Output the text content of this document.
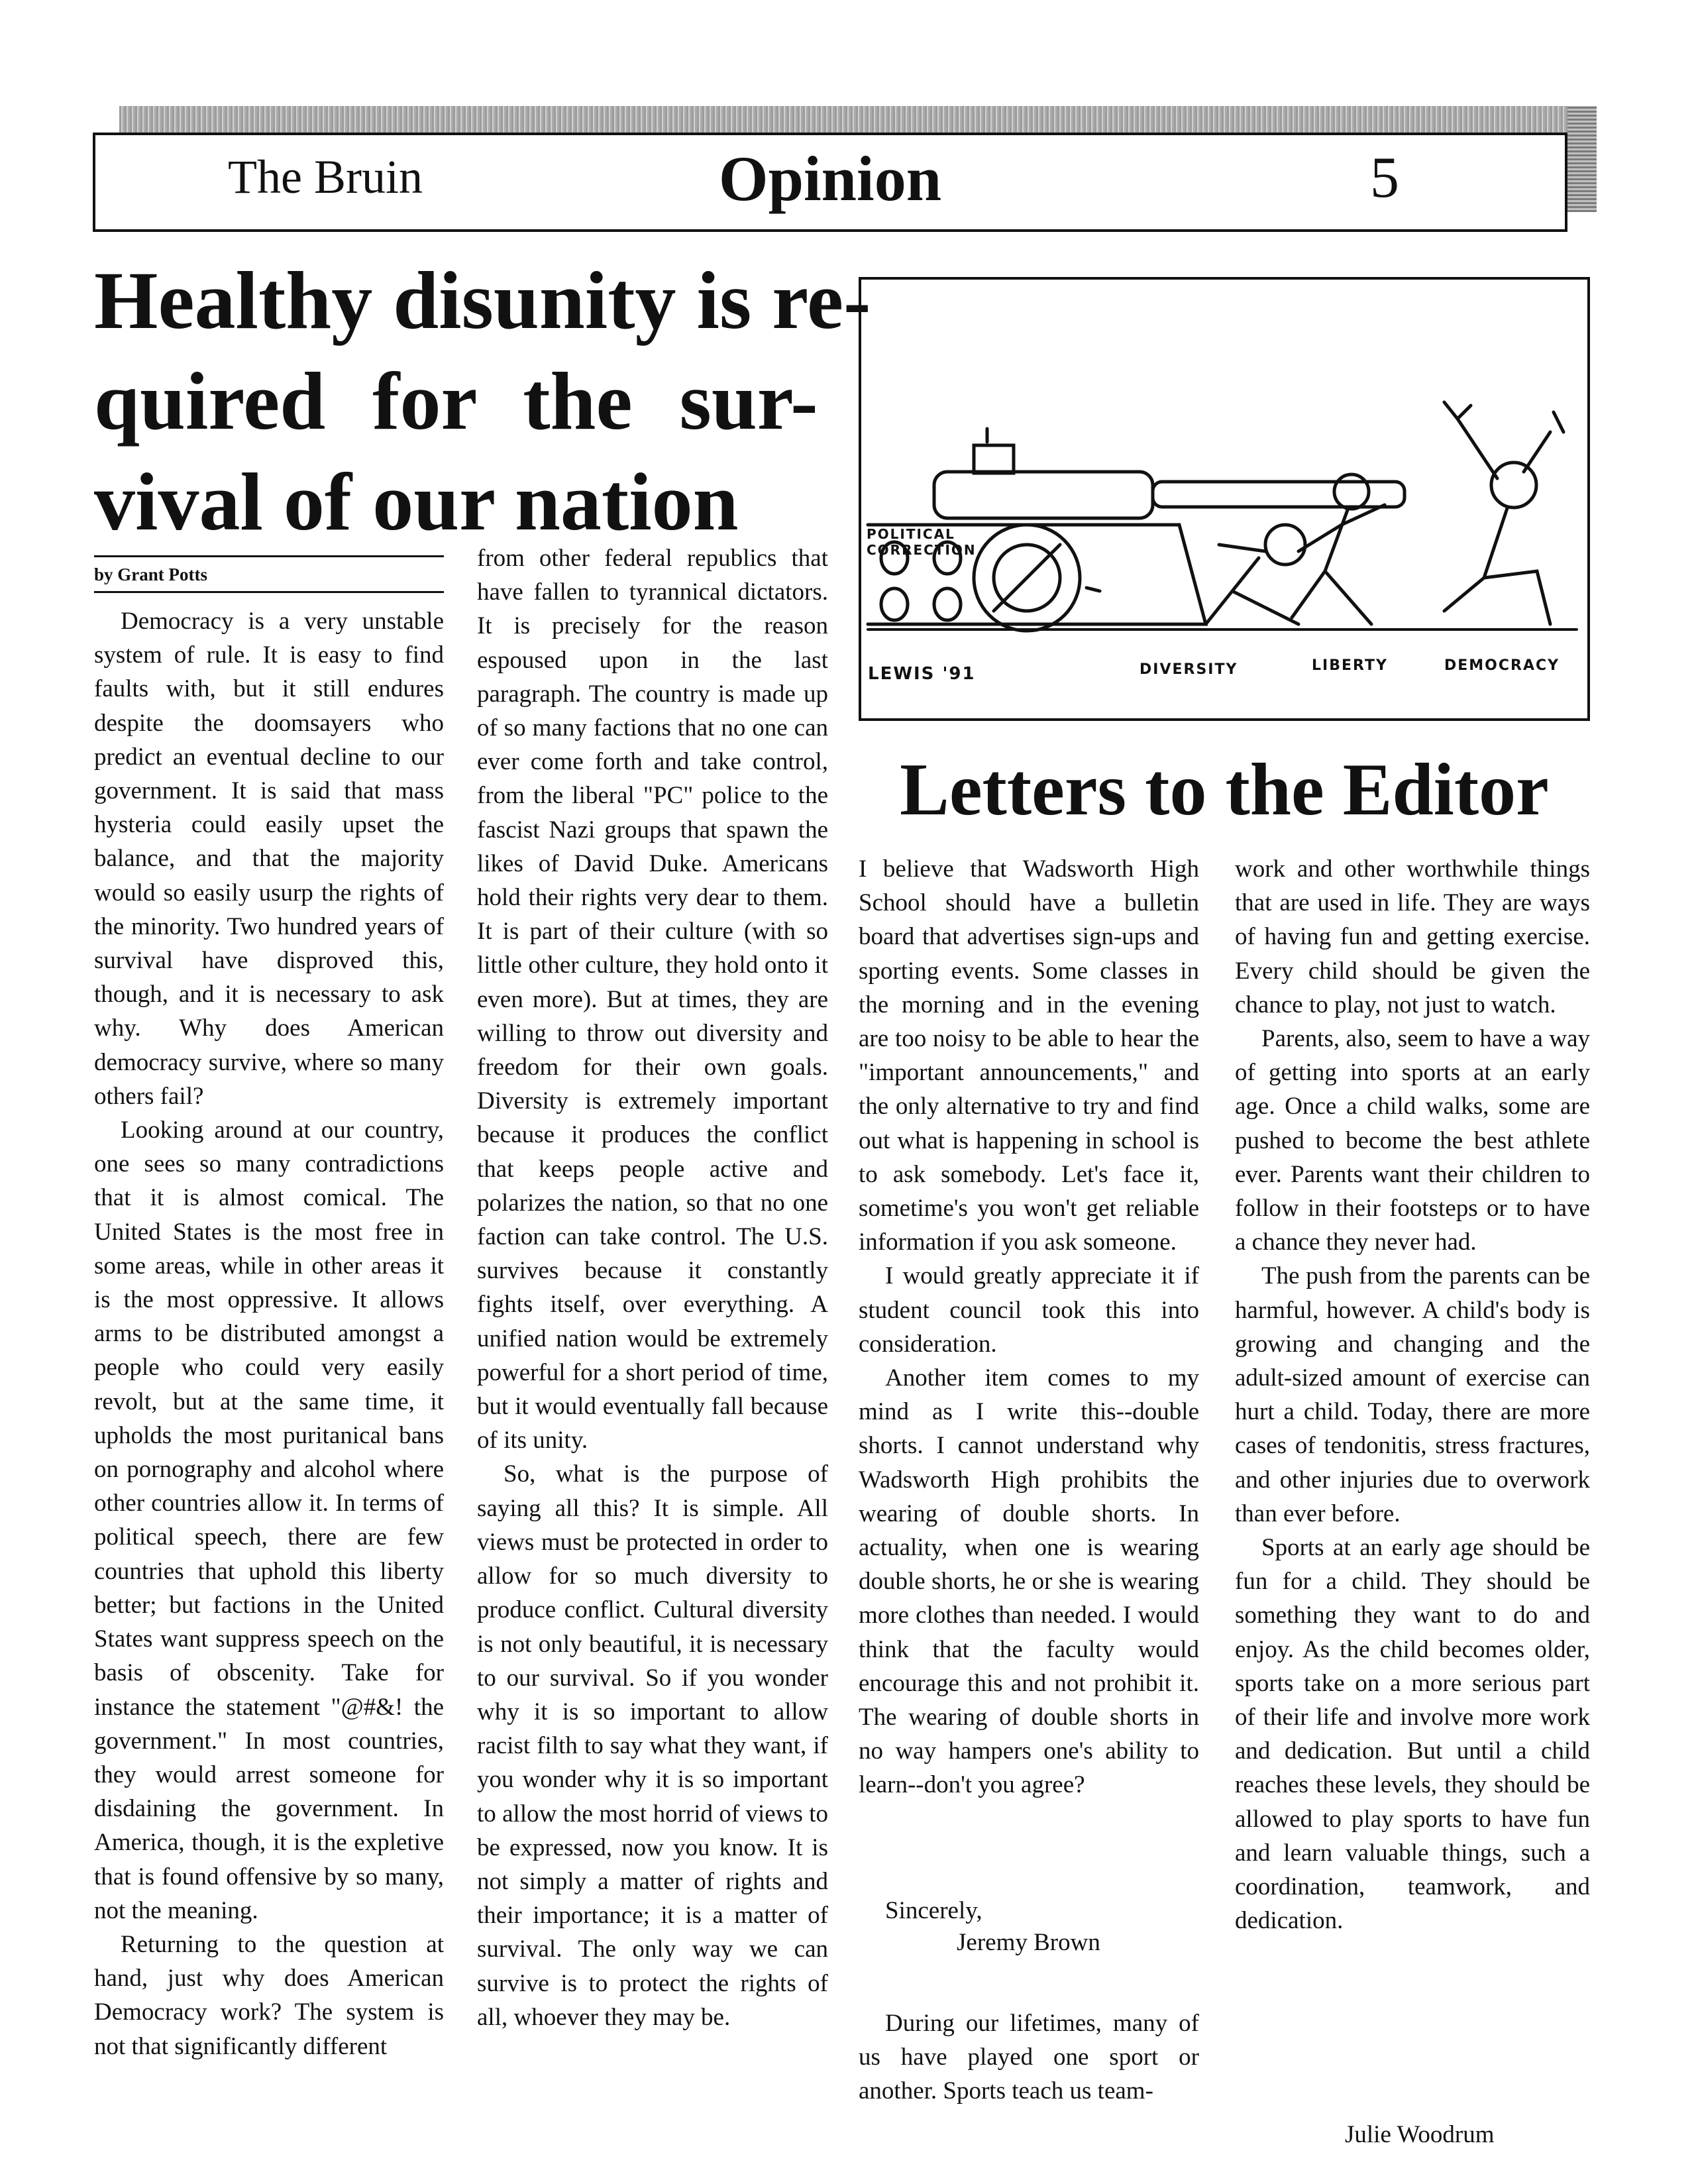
The Bruin	Opinion	5
Healthy disunity is re-
quired for the sur-
vival of our nation
by Grant Potts

Democracy is a very unstable system of rule. It is easy to find faults with, but it still endures despite the doomsayers who predict an eventual decline to our government. It is said that mass hysteria could easily upset the balance, and that the majority would so easily usurp the rights of the minority. Two hundred years of survival have disproved this, though, and it is necessary to ask why. Why does American democracy survive, where so many others fail?

Looking around at our country, one sees so many contradictions that it is almost comical. The United States is the most free in some areas, while in other areas it is the most oppressive. It allows arms to be distributed amongst a people who could very easily revolt, but at the same time, it upholds the most puritanical bans on pornography and alcohol where other countries allow it. In terms of political speech, there are few countries that uphold this liberty better; but factions in the United States want suppress speech on the basis of obscenity. Take for instance the statement "@#&! the government." In most countries, they would arrest someone for disdaining the government. In America, though, it is the expletive that is found offensive by so many, not the meaning.

Returning to the question at hand, just why does American Democracy work? The system is not that significantly different

from other federal republics that have fallen to tyrannical dictators. It is precisely for the reason espoused upon in the last paragraph. The country is made up of so many factions that no one can ever come forth and take control, from the liberal "PC" police to the fascist Nazi groups that spawn the likes of David Duke. Americans hold their rights very dear to them. It is part of their culture (with so little other culture, they hold onto it even more). But at times, they are willing to throw out diversity and freedom for their own goals. Diversity is extremely important because it produces the conflict that keeps people active and polarizes the nation, so that no one faction can take control. The U.S. survives because it constantly fights itself, over everything. A unified nation would be extremely powerful for a short period of time, but it would eventually fall because of its unity.

So, what is the purpose of saying all this? It is simple. All views must be protected in order to allow for so much diversity to produce conflict. Cultural diversity is not only beautiful, it is necessary to our survival. So if you wonder why it is so important to allow racist filth to say what they want, if you wonder why it is so important to allow the most horrid of views to be expressed, now you know. It is not simply a matter of rights and their importance; it is a matter of survival. The only way we can survive is to protect the rights of all, whoever they may be.

POLITICAL CORRECTION
LEWIS '91	DIVERSITY	LIBERTY	DEMOCRACY
Letters to the Editor

I believe that Wadsworth High School should have a bulletin board that advertises sign-ups and sporting events. Some classes in the morning and in the evening are too noisy to be able to hear the "important announcements," and the only alternative to try and find out what is happening in school is to ask somebody. Let's face it, sometime's you won't get reliable information if you ask someone.

I would greatly appreciate it if student council took this into consideration.

Another item comes to my mind as I write this--double shorts. I cannot understand why Wadsworth High prohibits the wearing of double shorts. In actuality, when one is wearing double shorts, he or she is wearing more clothes than needed. I would think that the faculty would encourage this and not prohibit it. The wearing of double shorts in no way hampers one's ability to learn--don't you agree?

Sincerely,
Jeremy Brown

During our lifetimes, many of us have played one sport or another. Sports teach us team-

work and other worthwhile things that are used in life. They are ways of having fun and getting exercise. Every child should be given the chance to play, not just to watch.

Parents, also, seem to have a way of getting into sports at an early age. Once a child walks, some are pushed to become the best athlete ever. Parents want their children to follow in their footsteps or to have a chance they never had.

The push from the parents can be harmful, however. A child's body is growing and changing and the adult-sized amount of exercise can hurt a child. Today, there are more cases of tendonitis, stress fractures, and other injuries due to overwork than ever before.

Sports at an early age should be fun for a child. They should be something they want to do and enjoy. As the child becomes older, sports take on a more serious part of their life and involve more work and dedication. But until a child reaches these levels, they should be allowed to play sports to have fun and learn valuable things, such a coordination, teamwork, and dedication.

Julie Woodrum
